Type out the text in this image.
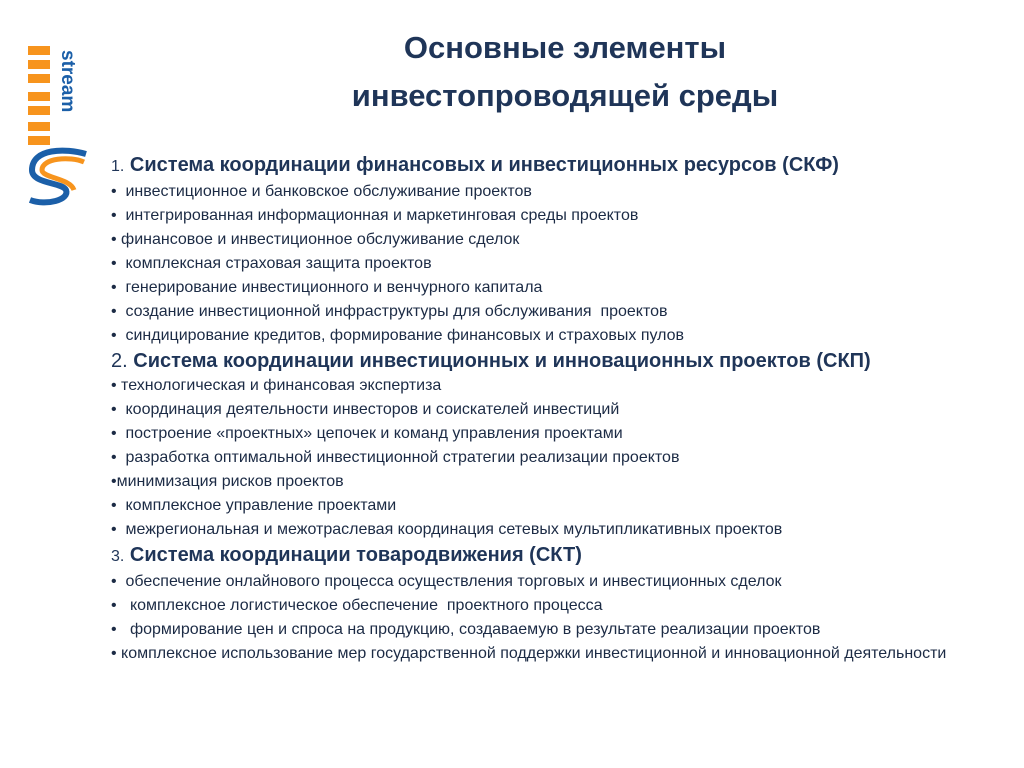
stream
Основные элементы
инвестопроводящей среды
1. Система координации финансовых и инвестиционных ресурсов (СКФ)
•  инвестиционное и банковское обслуживание проектов
•  интегрированная информационная и маркетинговая среды проектов
• финансовое и инвестиционное обслуживание сделок
•  комплексная страховая защита проектов
•  генерирование инвестиционного и венчурного капитала
•  создание инвестиционной инфраструктуры для обслуживания  проектов
•  синдицирование кредитов, формирование финансовых и страховых пулов
2. Система координации инвестиционных и инновационных проектов (СКП)
• технологическая и финансовая экспертиза
•  координация деятельности инвесторов и соискателей инвестиций
•  построение «проектных» цепочек и команд управления проектами
•  разработка оптимальной инвестиционной стратегии реализации проектов
•минимизация рисков проектов
•  комплексное управление проектами
•  межрегиональная и межотраслевая координация сетевых мультипликативных проектов
3. Система координации товародвижения (СКТ)
•  обеспечение онлайнового процесса осуществления торговых и инвестиционных сделок
•   комплексное логистическое обеспечение  проектного процесса
•   формирование цен и спроса на продукцию, создаваемую в результате реализации проектов
• комплексное использование мер государственной поддержки инвестиционной и инновационной деятельности
